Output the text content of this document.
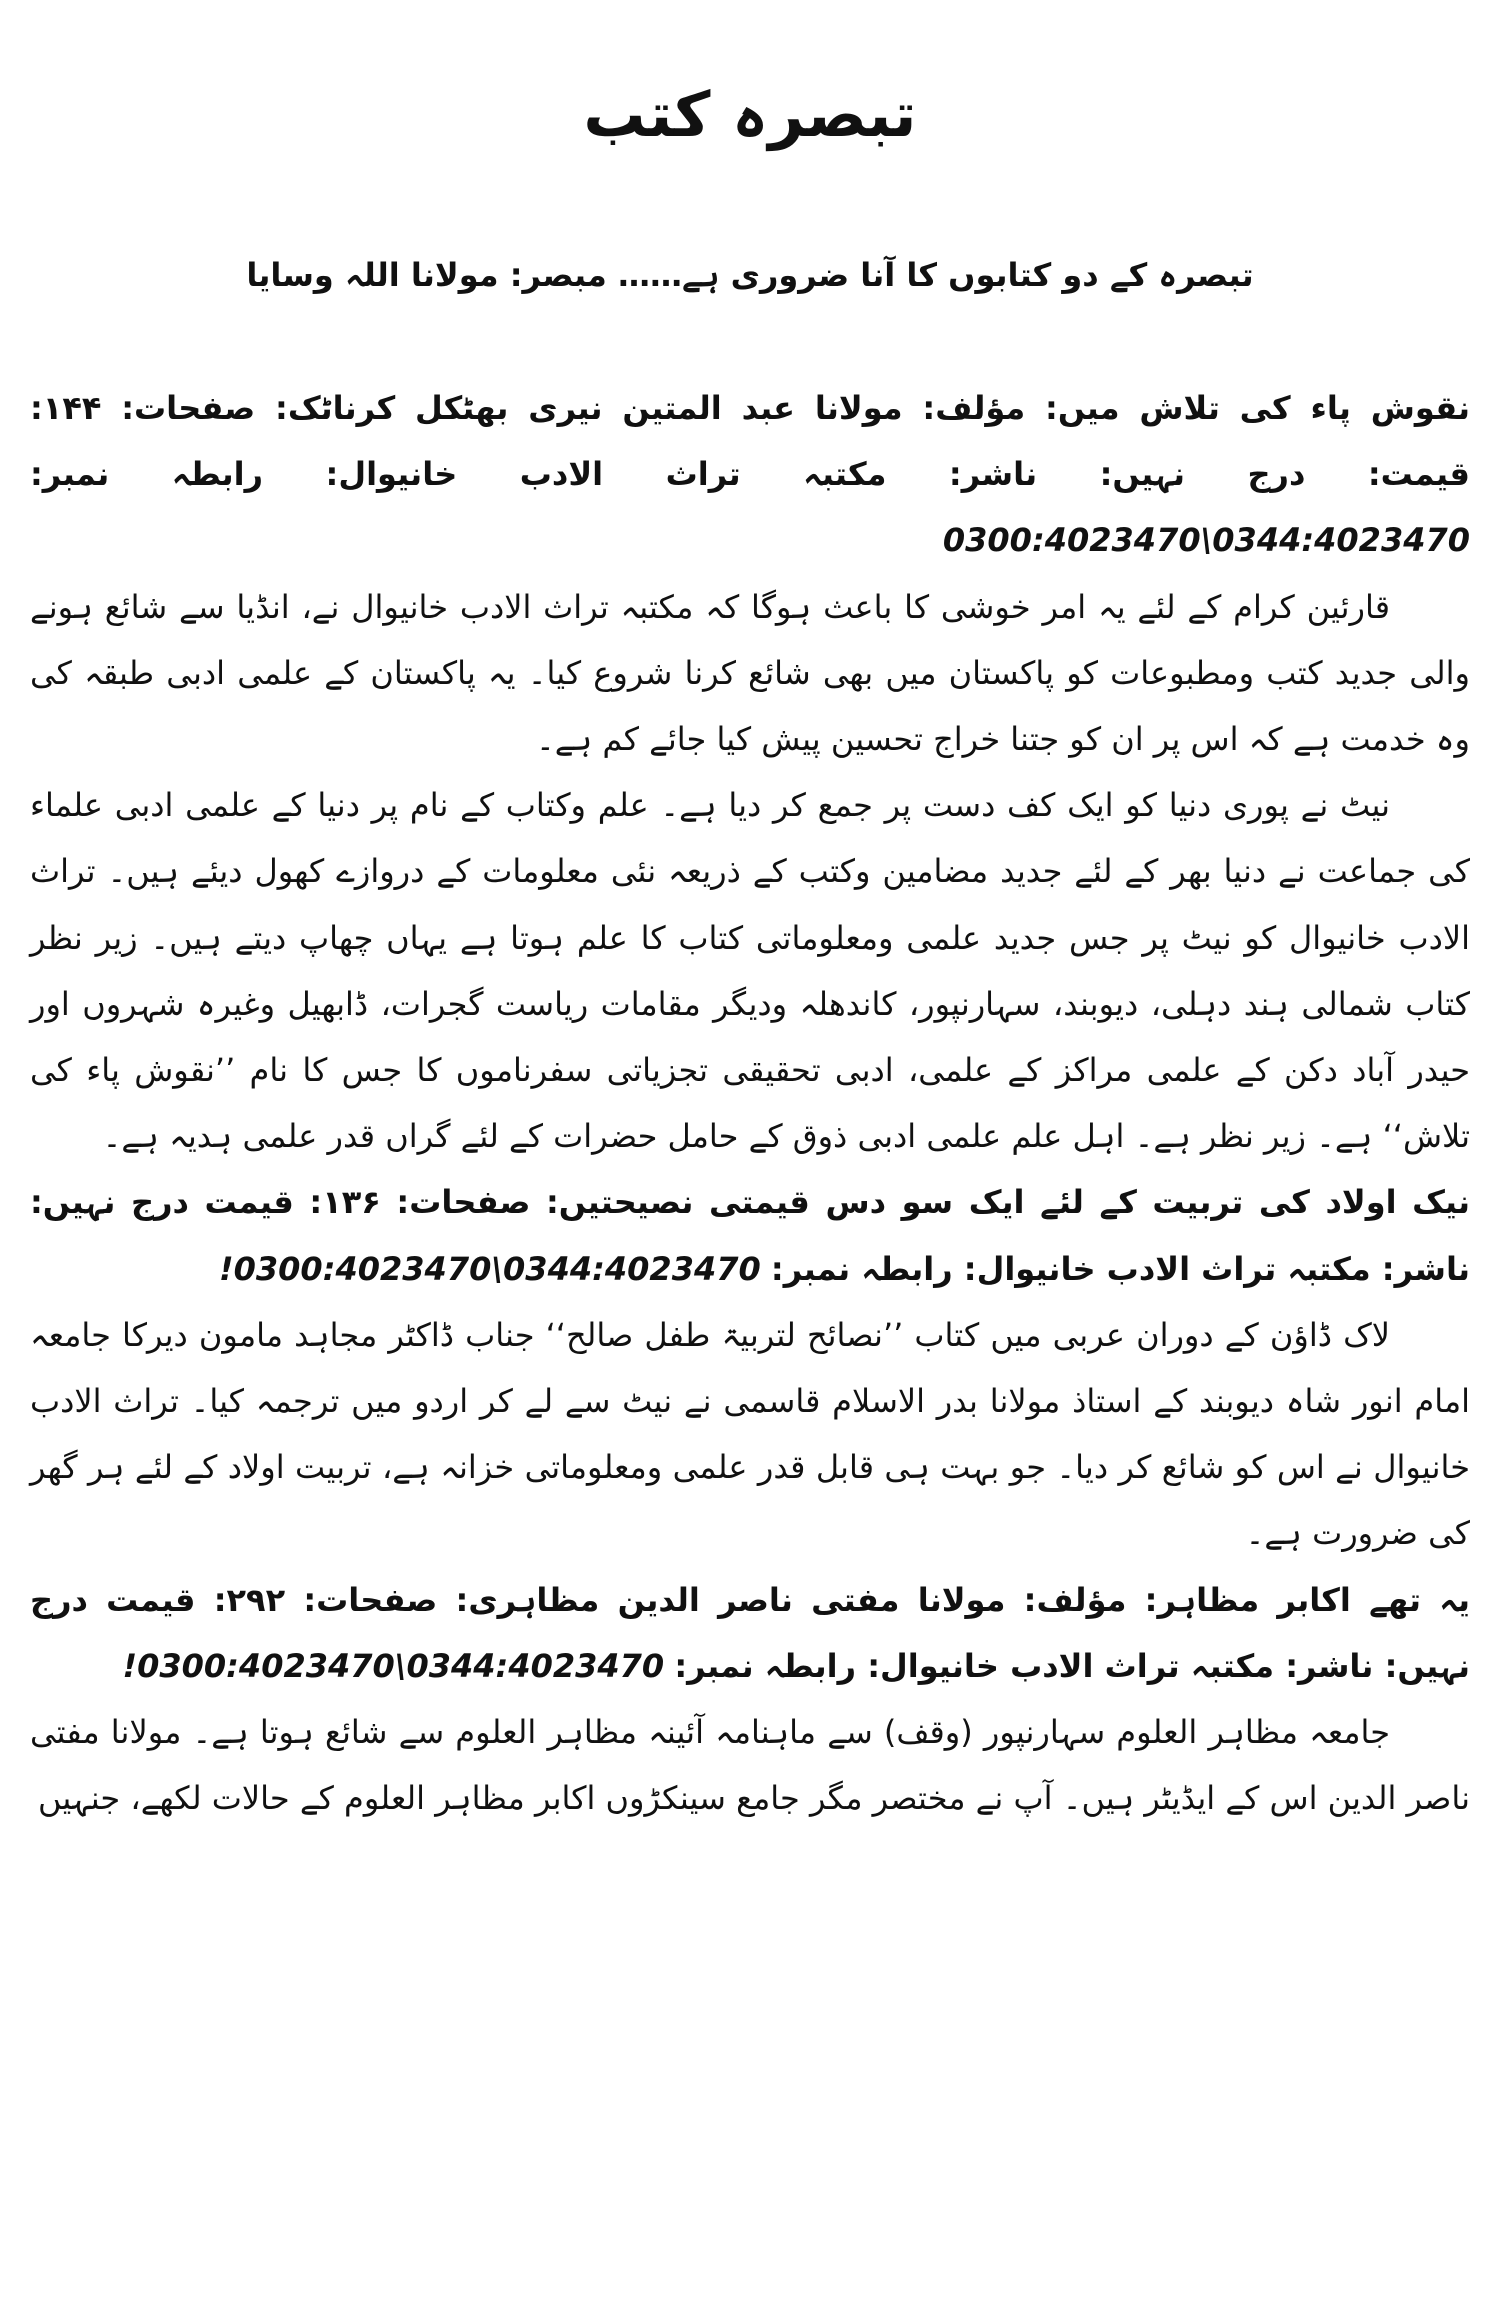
تبصرہ کتب
تبصرہ کے دو کتابوں کا آنا ضروری ہے…… مبصر: مولانا اللہ وسایا

نقوش پاء کی تلاش میں: مؤلف: مولانا عبد المتین نیری بھٹکل کرناٹک: صفحات: ۱۴۴: قیمت: درج نہیں: ناشر: مکتبہ تراث الادب خانیوال: رابطہ نمبر: 0300:4023470\0344:4023470

قارئین کرام کے لئے یہ امر خوشی کا باعث ہوگا کہ مکتبہ تراث الادب خانیوال نے، انڈیا سے شائع ہونے والی جدید کتب ومطبوعات کو پاکستان میں بھی شائع کرنا شروع کیا۔ یہ پاکستان کے علمی ادبی طبقہ کی وہ خدمت ہے کہ اس پر ان کو جتنا خراج تحسین پیش کیا جائے کم ہے۔

نیٹ نے پوری دنیا کو ایک کف دست پر جمع کر دیا ہے۔ علم وکتاب کے نام پر دنیا کے علمی ادبی علماء کی جماعت نے دنیا بھر کے لئے جدید مضامین وکتب کے ذریعہ نئی معلومات کے دروازے کھول دیئے ہیں۔ تراث الادب خانیوال کو نیٹ پر جس جدید علمی ومعلوماتی کتاب کا علم ہوتا ہے یہاں چھاپ دیتے ہیں۔ زیر نظر کتاب شمالی ہند دہلی، دیوبند، سہارنپور، کاندھلہ ودیگر مقامات ریاست گجرات، ڈابھیل وغیرہ شہروں اور حیدر آباد دکن کے علمی مراکز کے علمی، ادبی تحقیقی تجزیاتی سفرناموں کا جس کا نام ’’نقوش پاء کی تلاش‘‘ ہے۔ زیر نظر ہے۔ اہل علم علمی ادبی ذوق کے حامل حضرات کے لئے گراں قدر علمی ہدیہ ہے۔

نیک اولاد کی تربیت کے لئے ایک سو دس قیمتی نصیحتیں: صفحات: ۱۳۶: قیمت درج نہیں: ناشر: مکتبہ تراث الادب خانیوال: رابطہ نمبر: 0300:4023470\0344:4023470!

لاک ڈاؤن کے دوران عربی میں کتاب ’’نصائح لتربیۃ طفل صالح‘‘ جناب ڈاکٹر مجاہد مامون دیرکا جامعہ امام انور شاہ دیوبند کے استاذ مولانا بدر الاسلام قاسمی نے نیٹ سے لے کر اردو میں ترجمہ کیا۔ تراث الادب خانیوال نے اس کو شائع کر دیا۔ جو بہت ہی قابل قدر علمی ومعلوماتی خزانہ ہے، تربیت اولاد کے لئے ہر گھر کی ضرورت ہے۔

یہ تھے اکابر مظاہر: مؤلف: مولانا مفتی ناصر الدین مظاہری: صفحات: ۲۹۲: قیمت درج نہیں: ناشر: مکتبہ تراث الادب خانیوال: رابطہ نمبر: 0300:4023470\0344:4023470!

جامعہ مظاہر العلوم سہارنپور (وقف) سے ماہنامہ آئینہ مظاہر العلوم سے شائع ہوتا ہے۔ مولانا مفتی ناصر الدین اس کے ایڈیٹر ہیں۔ آپ نے مختصر مگر جامع سینکڑوں اکابر مظاہر العلوم کے حالات لکھے، جنہیں
